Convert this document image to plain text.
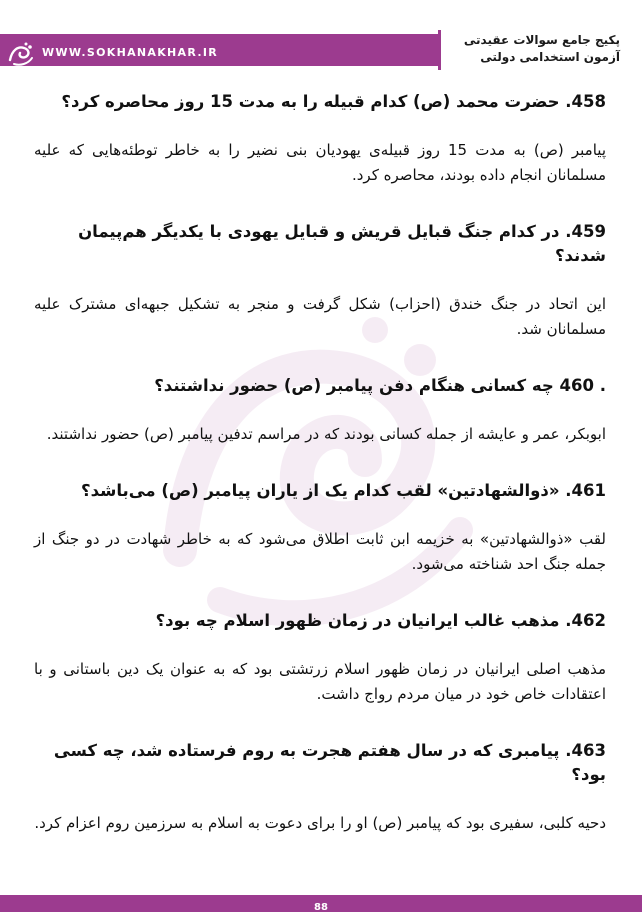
WWW.SOKHANAKHAR.IR
پکیج جامع سوالات عقیدتی
آزمون استخدامی دولتی

458. حضرت محمد (ص) کدام قبیله را به مدت 15 روز محاصره کرد؟

پیامبر (ص) به مدت 15 روز قبیله‌ی یهودیان بنی نضیر را به خاطر توطئه‌هایی که علیه مسلمانان انجام داده بودند، محاصره کرد.

459. در کدام جنگ قبایل قریش و قبایل یهودی با یکدیگر هم‌پیمان شدند؟

این اتحاد در جنگ خندق (احزاب) شکل گرفت و منجر به تشکیل جبهه‌ای مشترک علیه مسلمانان شد.

. 460 چه کسانی هنگام دفن پیامبر (ص) حضور نداشتند؟

ابوبکر، عمر و عایشه از جمله کسانی بودند که در مراسم تدفین پیامبر (ص) حضور نداشتند.

461. «ذوالشهادتین» لقب کدام یک از یاران پیامبر (ص) می‌باشد؟

لقب «ذوالشهادتین» به خزیمه ابن ثابت اطلاق می‌شود که به خاطر شهادت در دو جنگ از جمله جنگ احد شناخته می‌شود.

462. مذهب غالب ایرانیان در زمان ظهور اسلام چه بود؟

مذهب اصلی ایرانیان در زمان ظهور اسلام زرتشتی بود که به عنوان یک دین باستانی و با اعتقادات خاص خود در میان مردم رواج داشت.

463. پیامبری که در سال هفتم هجرت به روم فرستاده شد، چه کسی بود؟

دحیه کلبی، سفیری بود که پیامبر (ص) او را برای دعوت به اسلام به سرزمین روم اعزام کرد.

88
